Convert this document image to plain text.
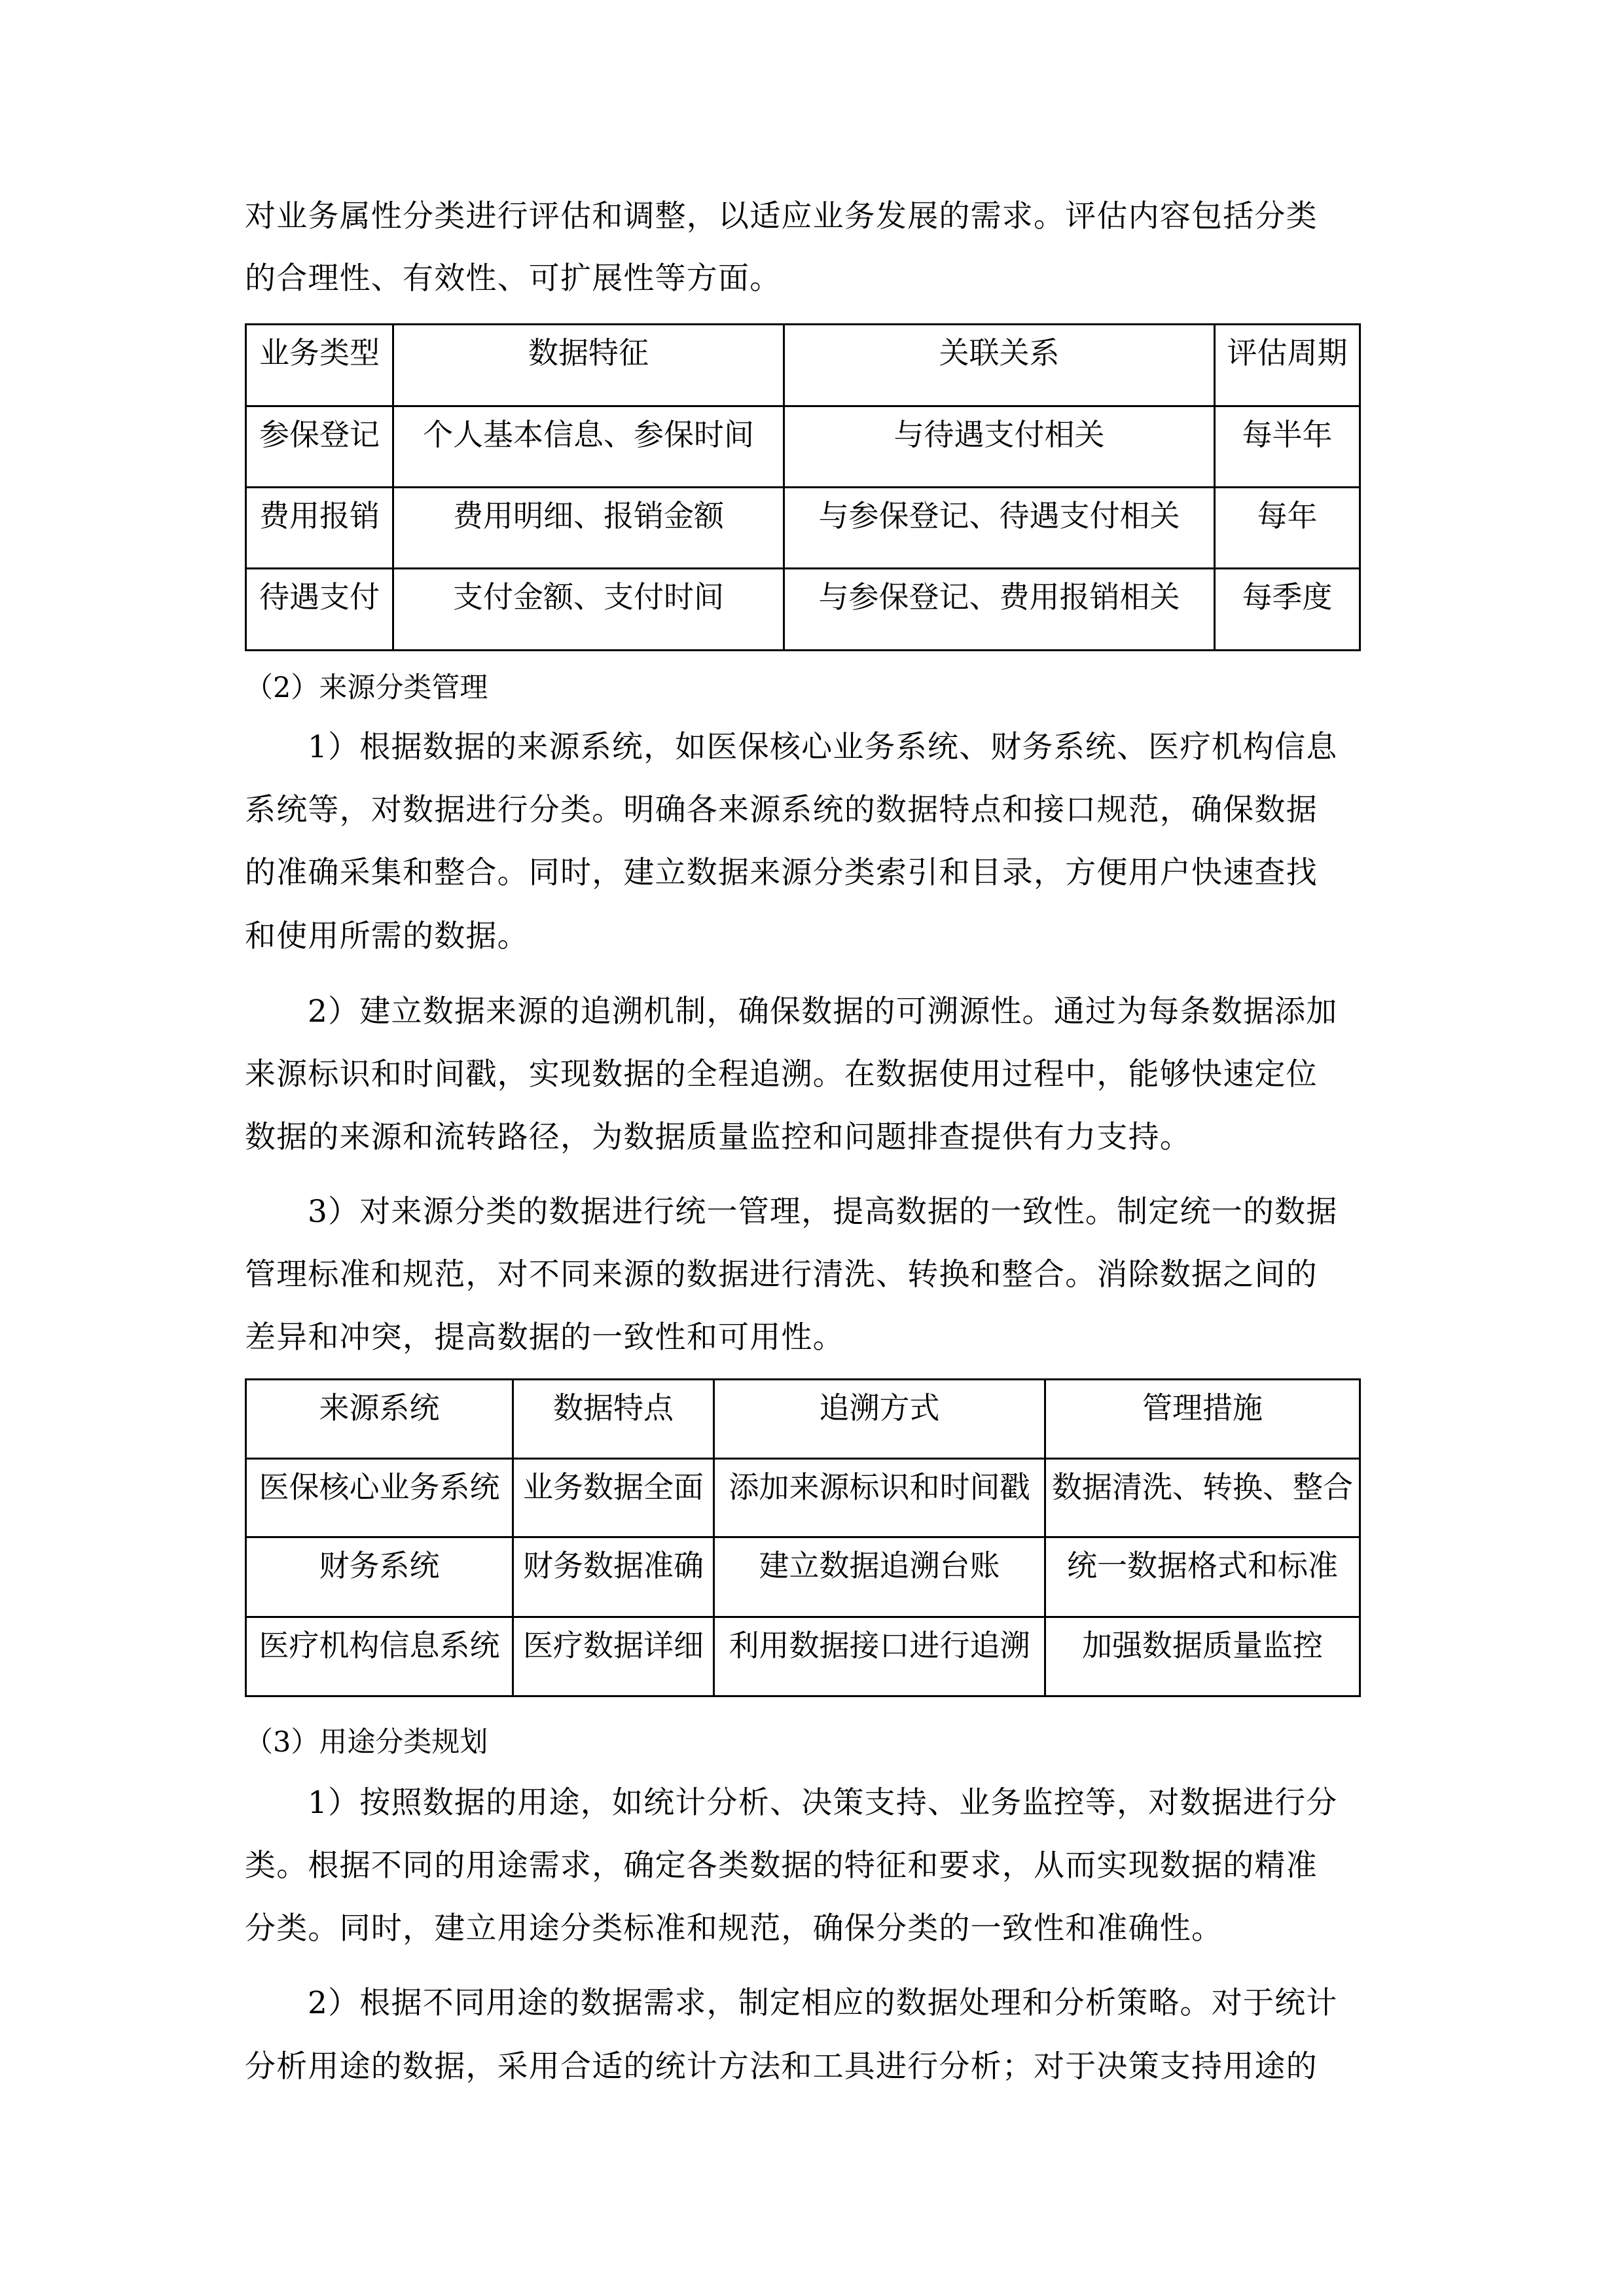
对业务属性分类进行评估和调整，以适应业务发展的需求。评估内容包括分类
的合理性、有效性、可扩展性等方面。
业务类型	数据特征	关联关系	评估周期
参保登记	个人基本信息、参保时间	与待遇支付相关	每半年
费用报销	费用明细、报销金额	与参保登记、待遇支付相关	每年
待遇支付	支付金额、支付时间	与参保登记、费用报销相关	每季度
（2）来源分类管理
1）根据数据的来源系统，如医保核心业务系统、财务系统、医疗机构信息
系统等，对数据进行分类。明确各来源系统的数据特点和接口规范，确保数据
的准确采集和整合。同时，建立数据来源分类索引和目录，方便用户快速查找
和使用所需的数据。
2）建立数据来源的追溯机制，确保数据的可溯源性。通过为每条数据添加
来源标识和时间戳，实现数据的全程追溯。在数据使用过程中，能够快速定位
数据的来源和流转路径，为数据质量监控和问题排查提供有力支持。
3）对来源分类的数据进行统一管理，提高数据的一致性。制定统一的数据
管理标准和规范，对不同来源的数据进行清洗、转换和整合。消除数据之间的
差异和冲突，提高数据的一致性和可用性。
来源系统	数据特点	追溯方式	管理措施
医保核心业务系统	业务数据全面	添加来源标识和时间戳	数据清洗、转换、整合
财务系统	财务数据准确	建立数据追溯台账	统一数据格式和标准
医疗机构信息系统	医疗数据详细	利用数据接口进行追溯	加强数据质量监控
（3）用途分类规划
1）按照数据的用途，如统计分析、决策支持、业务监控等，对数据进行分
类。根据不同的用途需求，确定各类数据的特征和要求，从而实现数据的精准
分类。同时，建立用途分类标准和规范，确保分类的一致性和准确性。
2）根据不同用途的数据需求，制定相应的数据处理和分析策略。对于统计
分析用途的数据，采用合适的统计方法和工具进行分析；对于决策支持用途的
